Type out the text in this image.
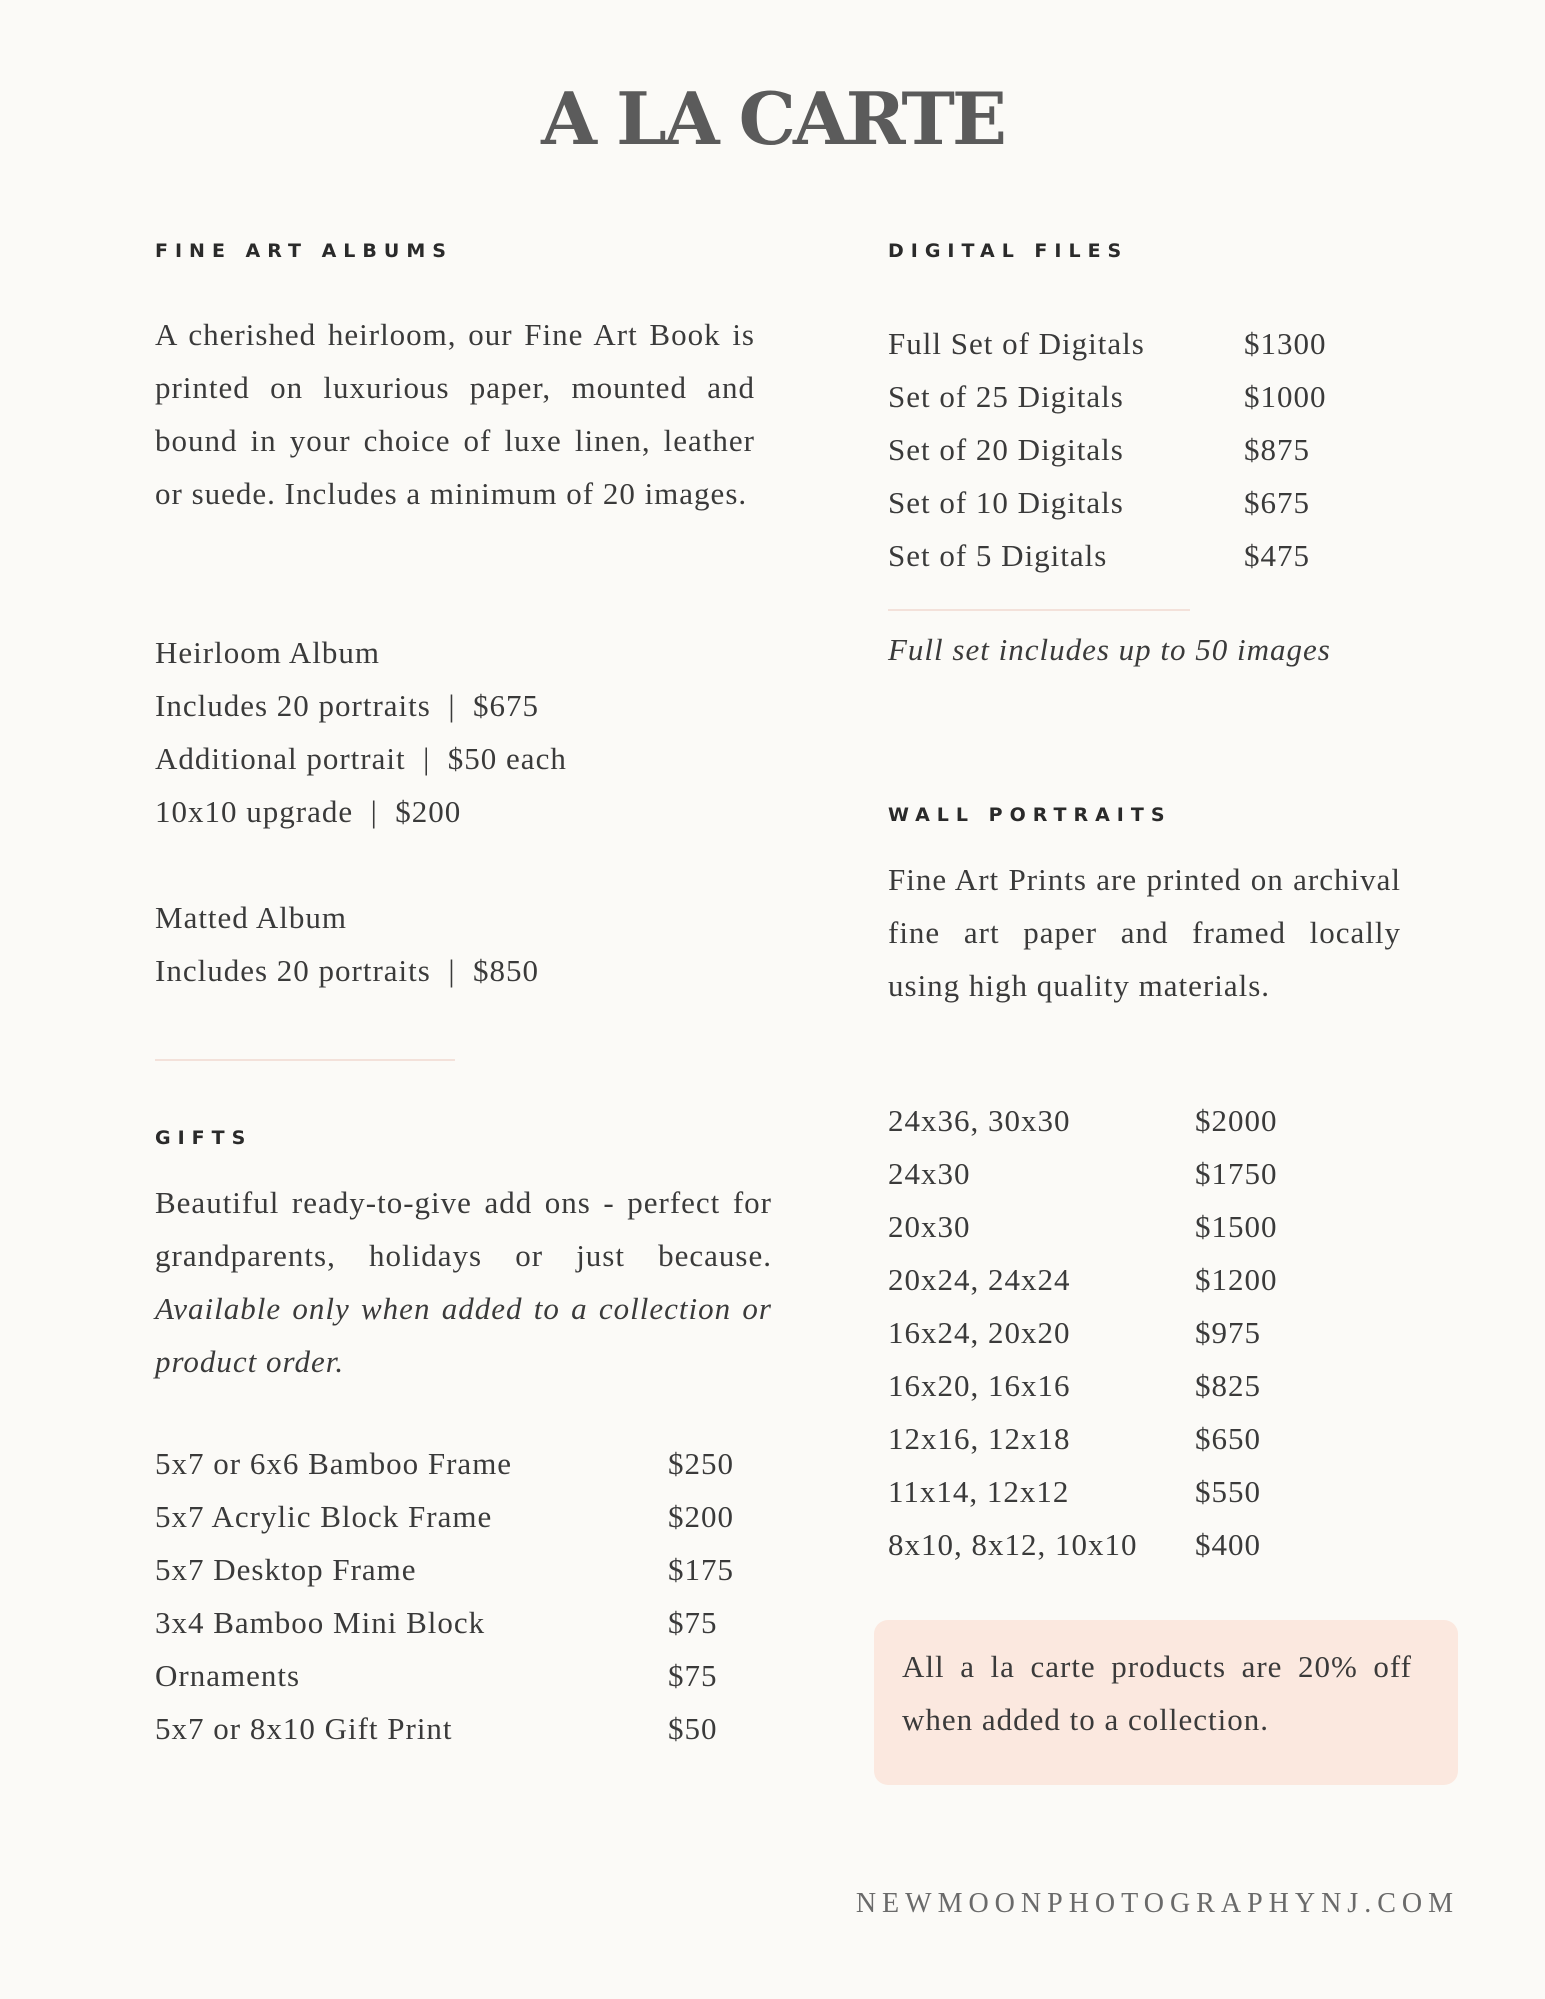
A LA CARTE
FINE ART ALBUMS

A cherished heirloom, our Fine Art Book is printed on luxurious paper, mounted and bound in your choice of luxe linen, leather or suede. Includes a minimum of 20 images.

Heirloom Album
Includes 20 portraits  |  $675
Additional portrait  |  $50 each
10x10 upgrade  |  $200
Matted Album
Includes 20 portraits  |  $850
GIFTS

Beautiful ready-to-give add ons - perfect for grandparents, holidays or just because. Available only when added to a collection or product order.

5x7 or 6x6 Bamboo Frame	$250
5x7 Acrylic Block Frame	$200
5x7 Desktop Frame	$175
3x4 Bamboo Mini Block	$75
Ornaments	$75
5x7 or 8x10 Gift Print	$50
DIGITAL FILES
Full Set of Digitals	$1300
Set of 25 Digitals	$1000
Set of 20 Digitals	$875
Set of 10 Digitals	$675
Set of 5 Digitals	$475
Full set includes up to 50 images
WALL PORTRAITS

Fine Art Prints are printed on archival fine art paper and framed locally using high quality materials.

24x36, 30x30	$2000
24x30	$1750
20x30	$1500
20x24, 24x24	$1200
16x24, 20x20	$975
16x20, 16x16	$825
12x16, 12x18	$650
11x14, 12x12	$550
8x10, 8x12, 10x10 $400

All a la carte products are 20% off when added to a collection.

NEWMOONPHOTOGRAPHYNJ.COM
